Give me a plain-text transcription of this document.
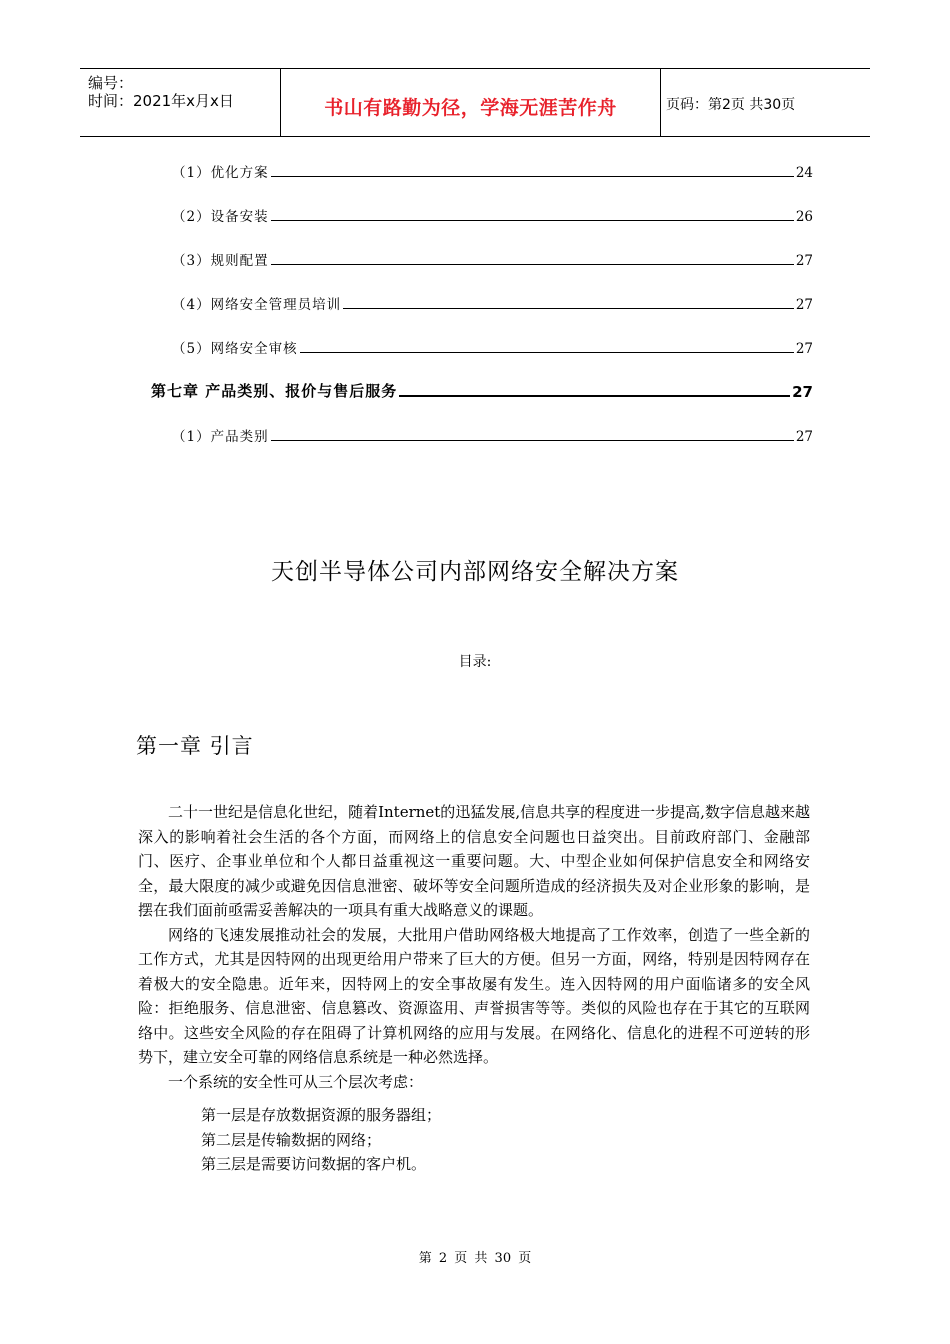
编号：
时间：2021年x月x日	书山有路勤为径，学海无涯苦作舟	页码：第2页 共30页
（1）优化方案	24
（2）设备安装	26
（3）规则配置	27
（4）网络安全管理员培训	27
（5）网络安全审核	27
第七章 产品类别、报价与售后服务	27
（1）产品类别	27
天创半导体公司内部网络安全解决方案
目录:
第一章 引言

二十一世纪是信息化世纪，随着Internet的迅猛发展,信息共享的程度进一步提高,数字信息越来越深入的影响着社会生活的各个方面，而网络上的信息安全问题也日益突出。目前政府部门、金融部门、医疗、企事业单位和个人都日益重视这一重要问题。大、中型企业如何保护信息安全和网络安全，最大限度的减少或避免因信息泄密、破坏等安全问题所造成的经济损失及对企业形象的影响，是摆在我们面前亟需妥善解决的一项具有重大战略意义的课题。

网络的飞速发展推动社会的发展，大批用户借助网络极大地提高了工作效率，创造了一些全新的工作方式，尤其是因特网的出现更给用户带来了巨大的方便。但另一方面，网络，特别是因特网存在着极大的安全隐患。近年来，因特网上的安全事故屡有发生。连入因特网的用户面临诸多的安全风险：拒绝服务、信息泄密、信息篡改、资源盗用、声誉损害等等。类似的风险也存在于其它的互联网络中。这些安全风险的存在阻碍了计算机网络的应用与发展。在网络化、信息化的进程不可逆转的形势下，建立安全可靠的网络信息系统是一种必然选择。

一个系统的安全性可从三个层次考虑：

第一层是存放数据资源的服务器组；
第二层是传输数据的网络；
第三层是需要访问数据的客户机。
第 2 页 共 30 页
